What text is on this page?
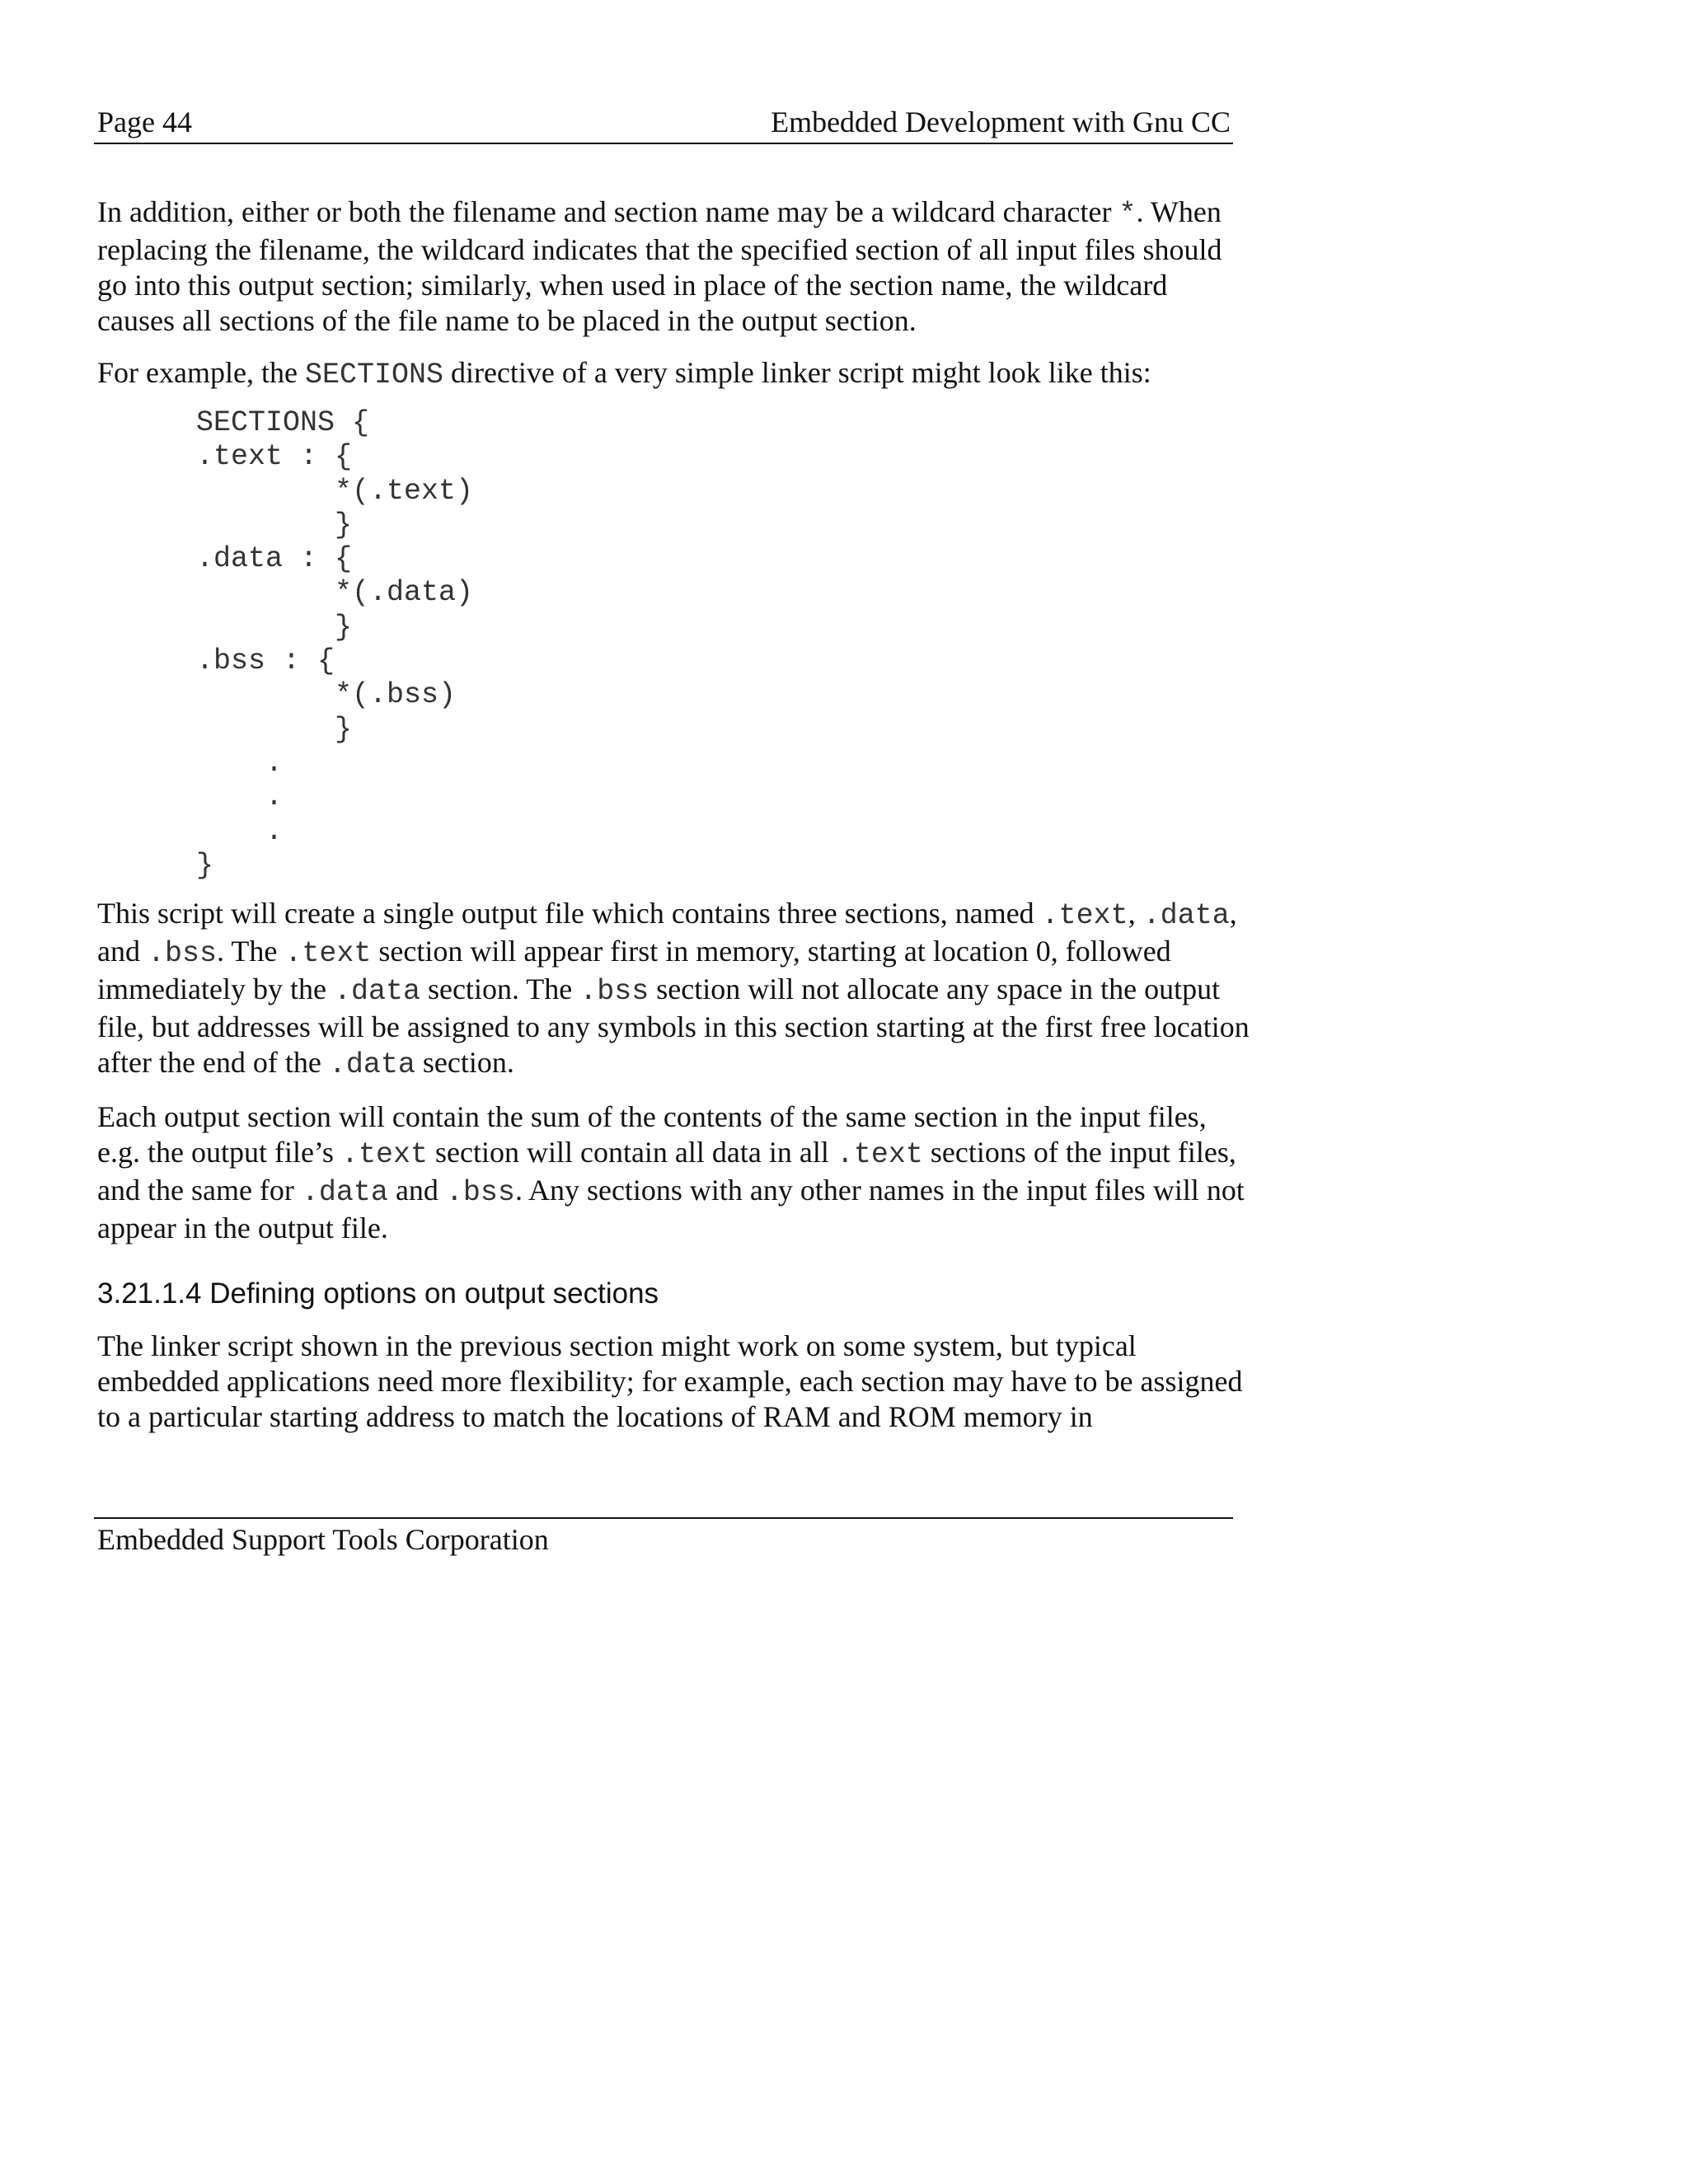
Page 44	Embedded Development with Gnu CC

In addition, either or both the filename and section name may be a wildcard character *. When replacing the filename, the wildcard indicates that the specified section of all input files should go into this output section; similarly, when used in place of the section name, the wildcard causes all sections of the file name to be placed in the output section.

For example, the SECTIONS directive of a very simple linker script might look like this:

SECTIONS {
.text : {
*(.text)
}
.data : {
*(.data)
}
.bss : {
*(.bss)
}
.
.
.
}

This script will create a single output file which contains three sections, named .text, .data, and .bss. The .text section will appear first in memory, starting at location 0, followed immediately by the .data section. The .bss section will not allocate any space in the output file, but addresses will be assigned to any symbols in this section starting at the first free location after the end of the .data section.

Each output section will contain the sum of the contents of the same section in the input files, e.g. the output file’s .text section will contain all data in all .text sections of the input files, and the same for .data and .bss. Any sections with any other names in the input files will not appear in the output file.

3.21.1.4 Defining options on output sections

The linker script shown in the previous section might work on some system, but typical embedded applications need more flexibility; for example, each section may have to be assigned to a particular starting address to match the locations of RAM and ROM memory in

Embedded Support Tools Corporation
